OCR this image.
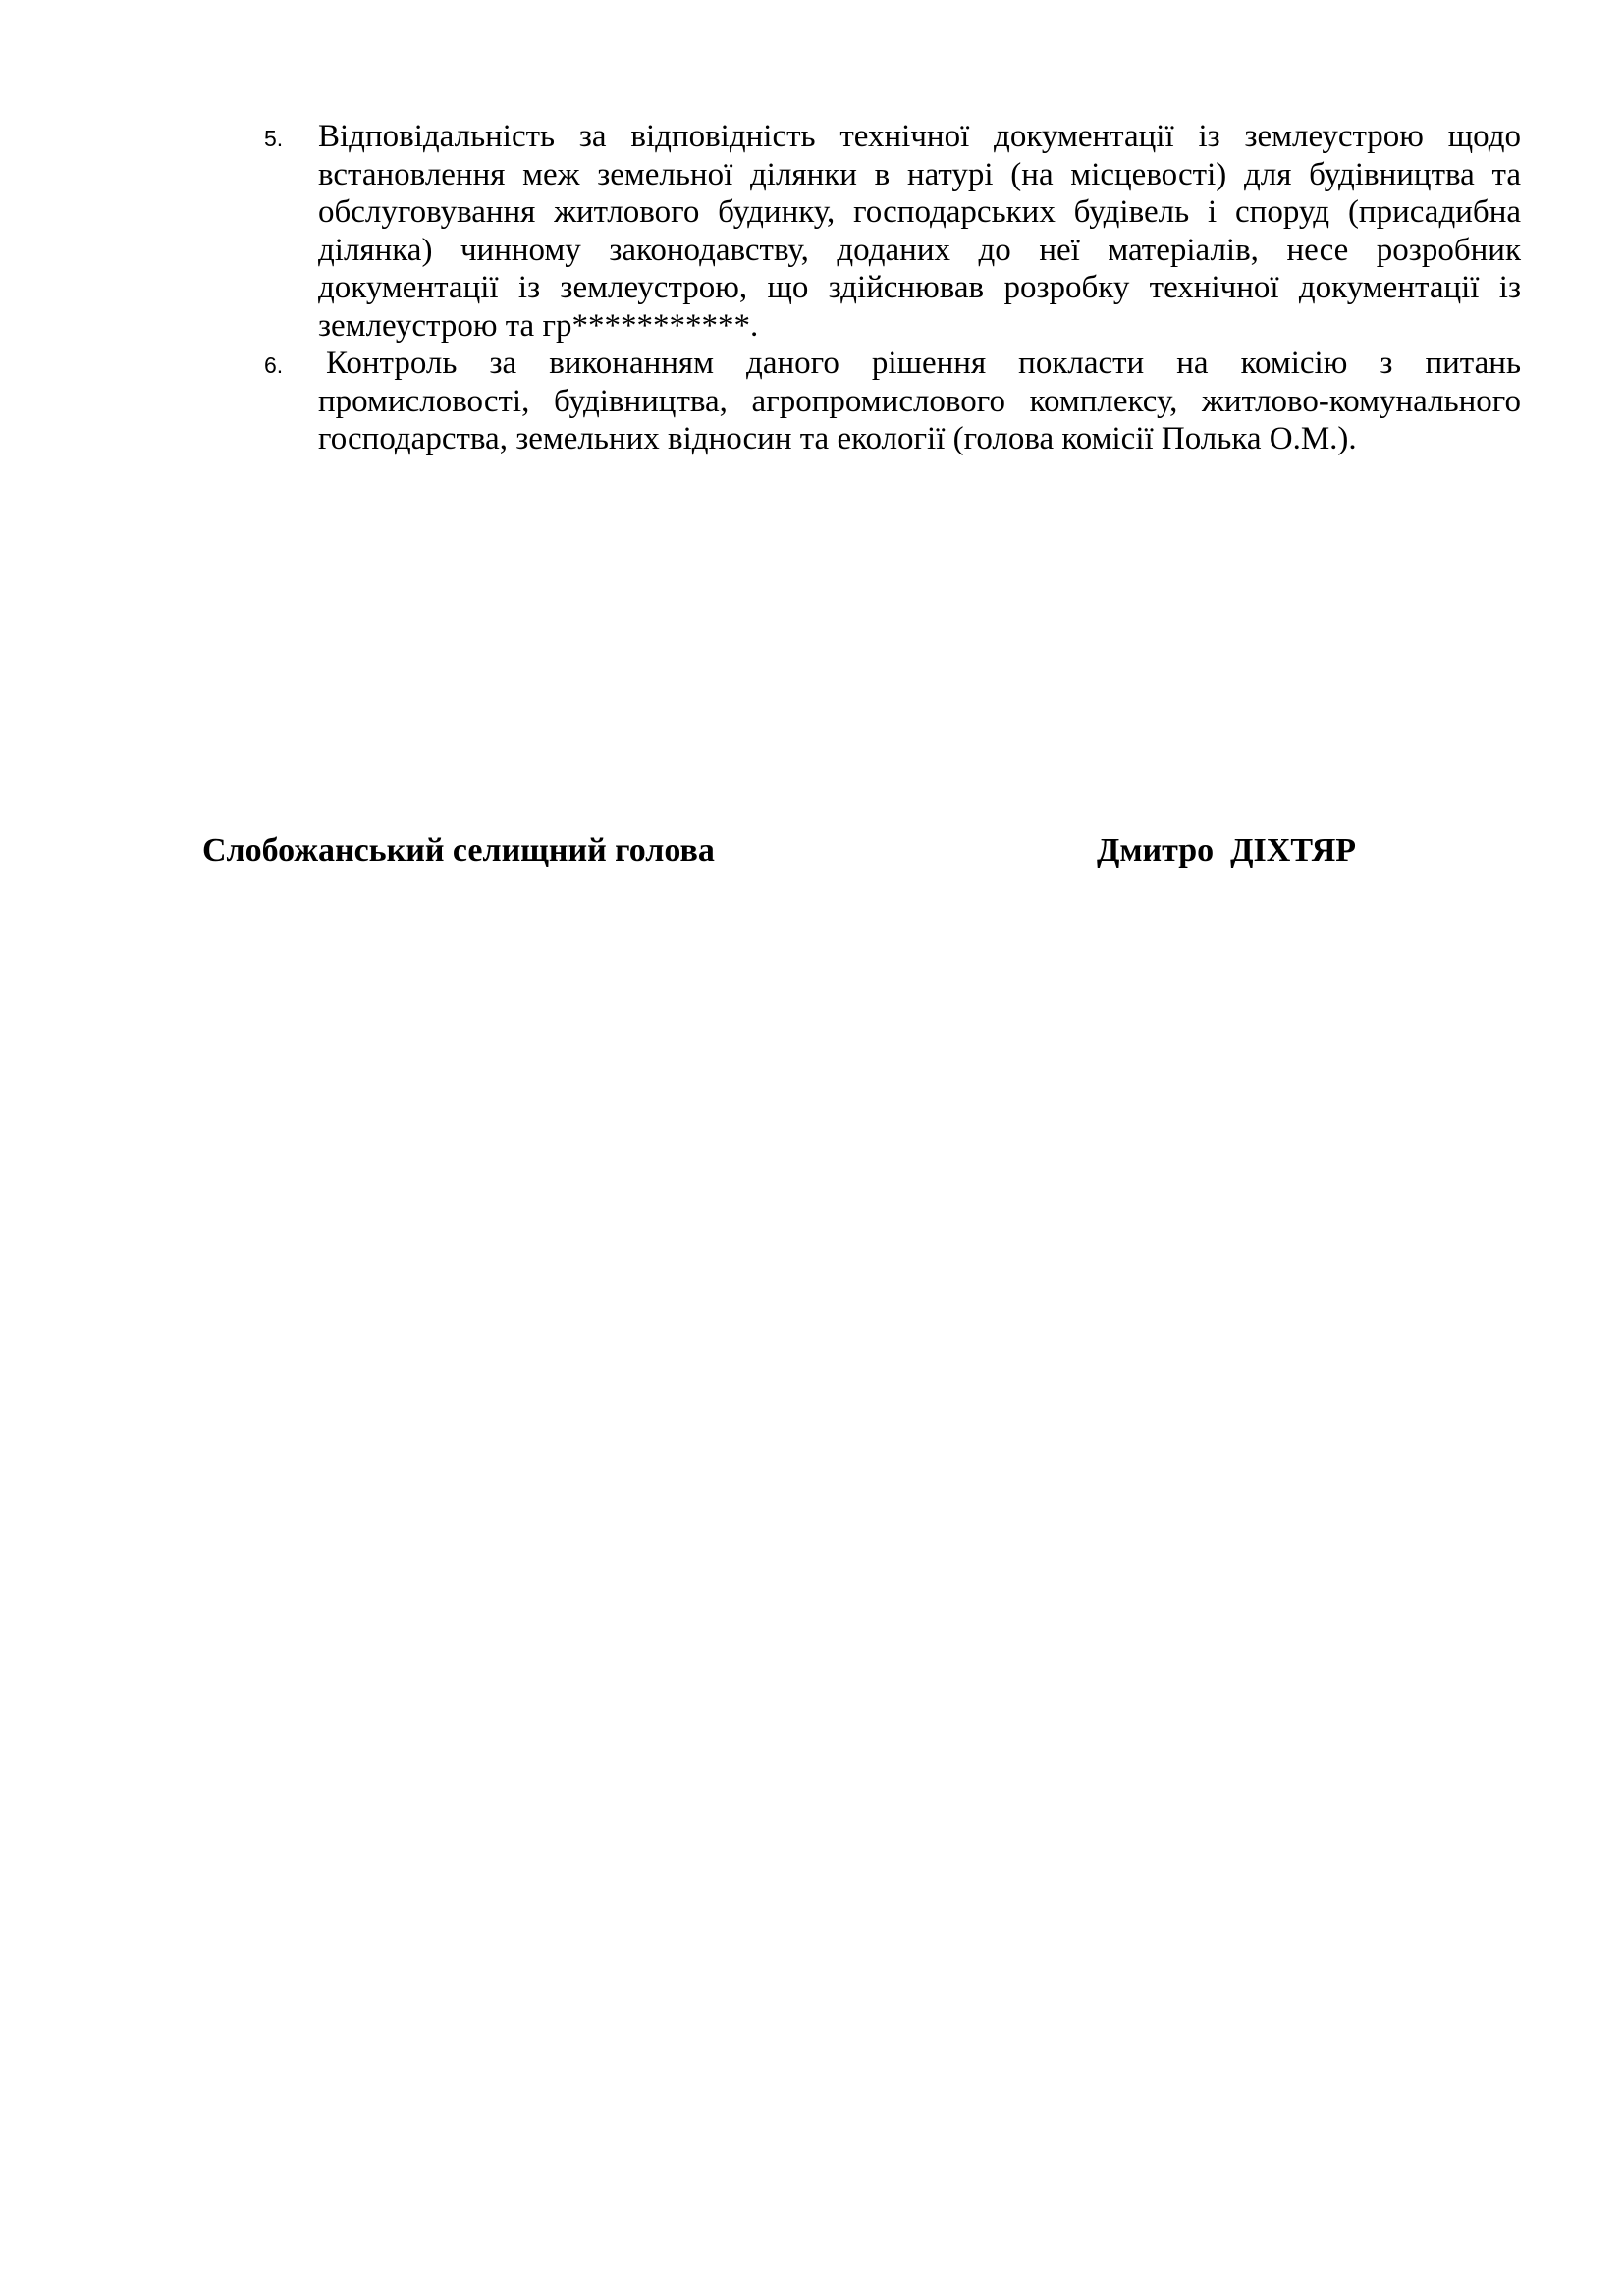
5. Відповідальність за відповідність технічної документації із землеустрою щодо встановлення меж земельної ділянки в натурі (на місцевості) для будівництва та обслуговування житлового будинку, господарських будівель і споруд (присадибна ділянка) чинному законодавству, доданих до неї матеріалів, несе розробник документації із землеустрою, що здійснював розробку технічної документації із землеустрою та гр***********.
6. Контроль за виконанням даного рішення покласти на комісію з питань промисловості, будівництва, агропромислового комплексу, житлово-комунального господарства, земельних відносин та екології (голова комісії Полька О.М.).
Слобожанський селищний голова	Дмитро  ДІХТЯР
